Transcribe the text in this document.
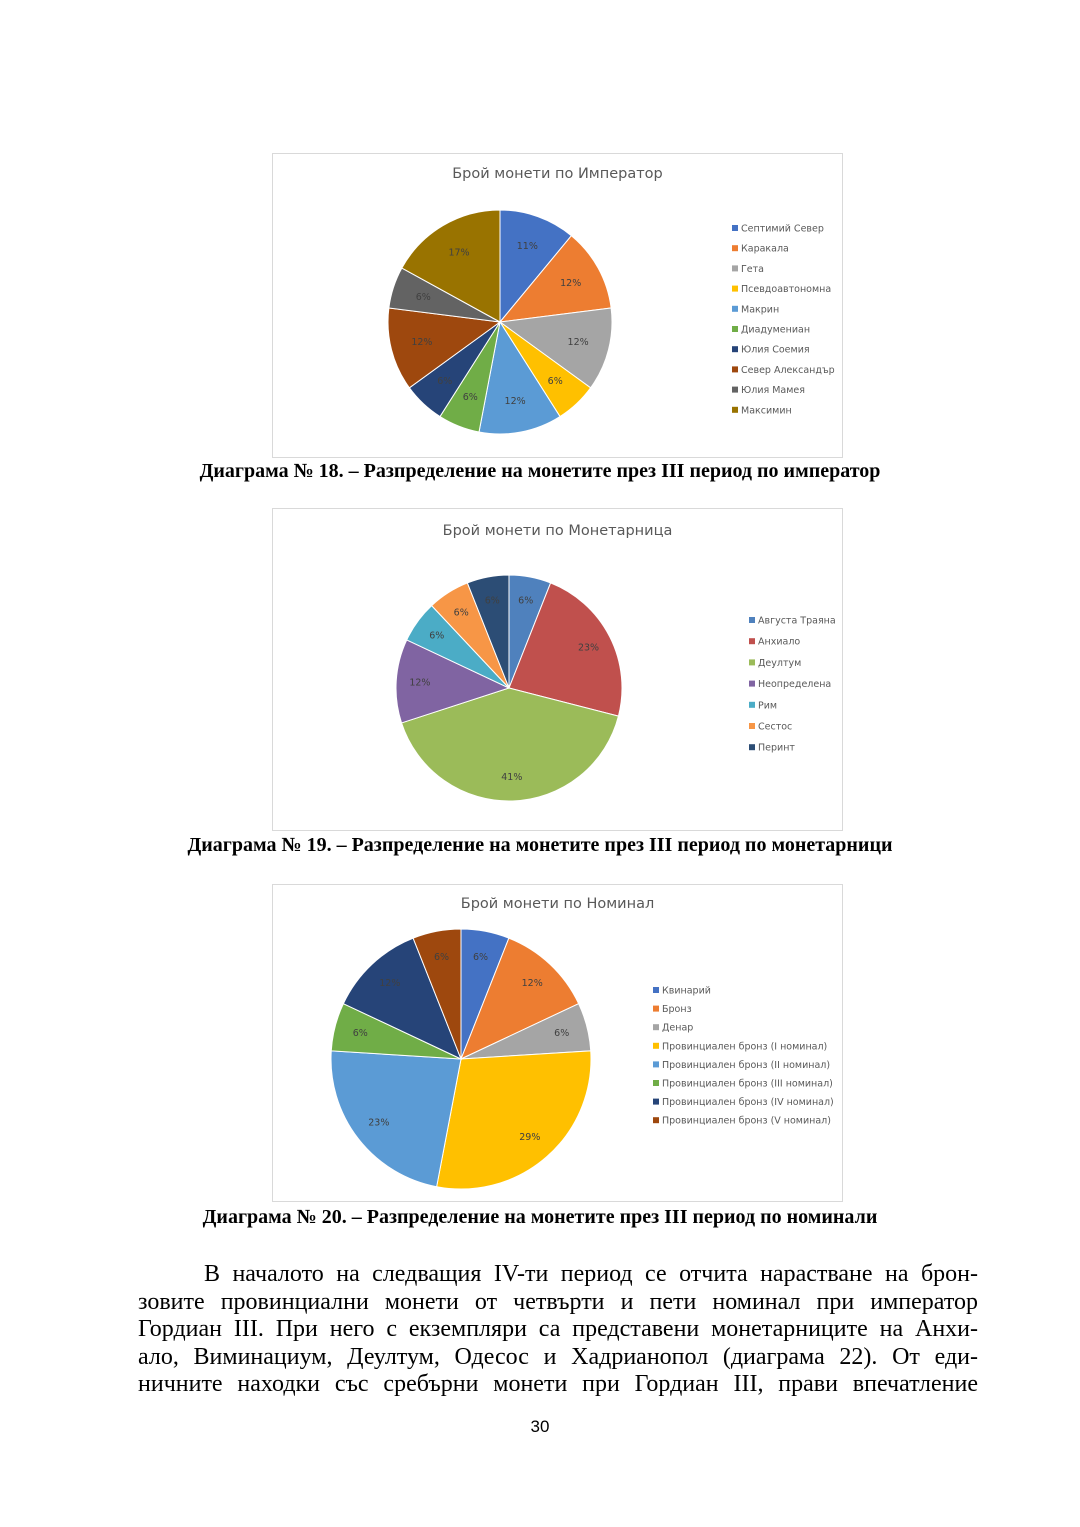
Брой монети по Император
11%
12%
12%
6%
12%
6%
6%
12%
6%
17%
Септимий Север
Каракала
Гета
Псевдоавтономна
Макрин
Диадумениан
Юлия Соемия
Север Александър
Юлия Мамея
Максимин
Диаграма № 18. – Разпределение на монетите през III период по император
Брой монети по Монетарница
6%
23%
41%
12%
6%
6%
6%
Августа Траяна
Анхиало
Деултум
Неопределена
Рим
Сестос
Перинт
Диаграма № 19. – Разпределение на монетите през III период по монетарници
Брой монети по Номинал
6%
12%
6%
29%
23%
6%
12%
6%
Квинарий
Бронз
Денар
Провинциален бронз (I номинал)
Провинциален бронз (II номинал)
Провинциален бронз (III номинал)
Провинциален бронз (IV номинал)
Провинциален бронз (V номинал)
Диаграма № 20. – Разпределение на монетите през III период по номинали
В началото на следващия IV-ти период се отчита нарастване на брон-
зовите провинциални монети от четвърти и пети номинал при император
Гордиан III. При него с екземпляри са представени монетарниците на Анхи-
ало, Виминациум, Деултум, Одесос и Хадрианопол (диаграма 22). От еди-
ничните находки със сребърни монети при Гордиан III, прави впечатление
30
